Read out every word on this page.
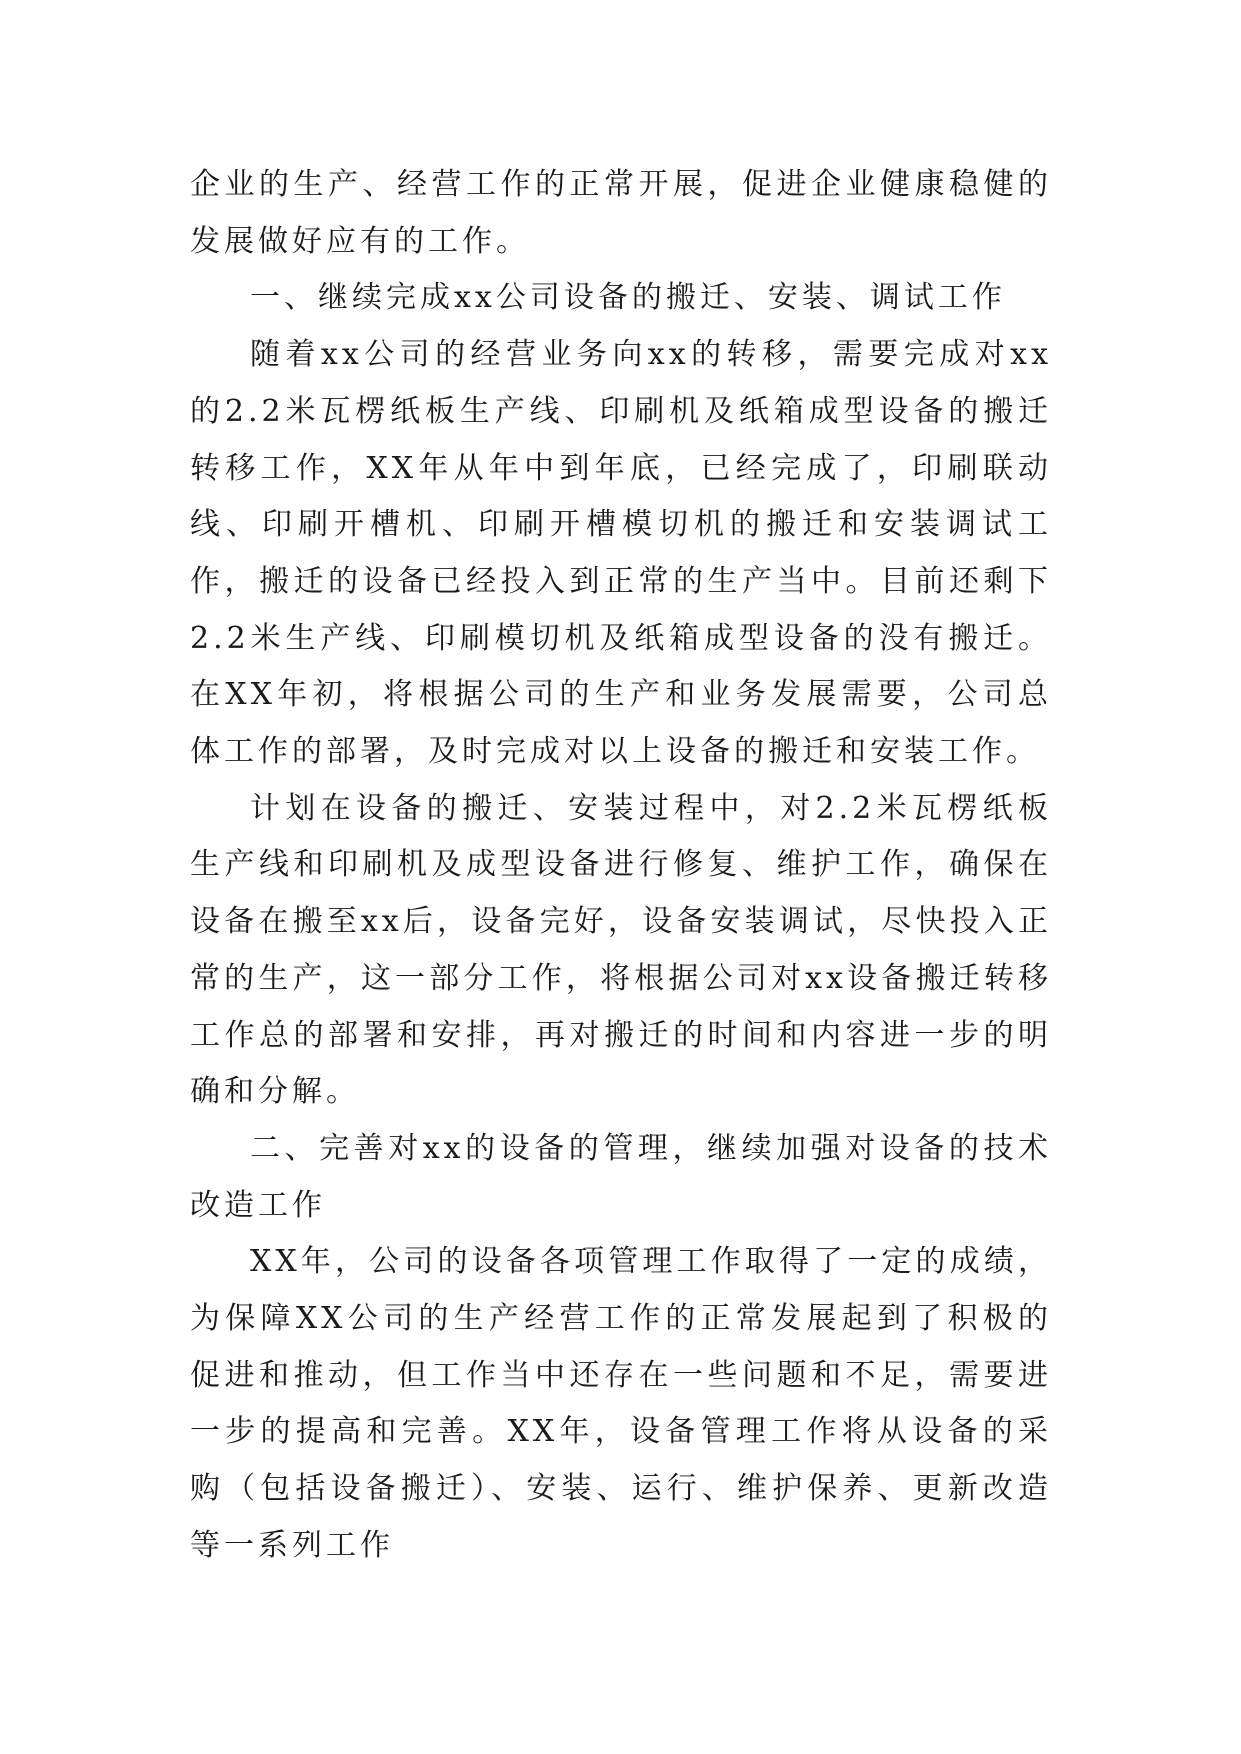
企业的生产、经营工作的正常开展，促进企业健康稳健的发展做好应有的工作。

一、继续完成xx公司设备的搬迁、安装、调试工作

随着xx公司的经营业务向xx的转移，需要完成对xx的2.2米瓦楞纸板生产线、印刷机及纸箱成型设备的搬迁转移工作，XX年从年中到年底，已经完成了，印刷联动线、印刷开槽机、印刷开槽模切机的搬迁和安装调试工作，搬迁的设备已经投入到正常的生产当中。目前还剩下2.2米生产线、印刷模切机及纸箱成型设备的没有搬迁。在XX年初，将根据公司的生产和业务发展需要，公司总体工作的部署，及时完成对以上设备的搬迁和安装工作。

计划在设备的搬迁、安装过程中，对2.2米瓦楞纸板生产线和印刷机及成型设备进行修复、维护工作，确保在设备在搬至xx后，设备完好，设备安装调试，尽快投入正常的生产，这一部分工作，将根据公司对xx设备搬迁转移工作总的部署和安排，再对搬迁的时间和内容进一步的明确和分解。

二、完善对xx的设备的管理，继续加强对设备的技术改造工作

XX年，公司的设备各项管理工作取得了一定的成绩，为保障XX公司的生产经营工作的正常发展起到了积极的促进和推动，但工作当中还存在一些问题和不足，需要进一步的提高和完善。XX年，设备管理工作将从设备的采购（包括设备搬迁）、安装、运行、维护保养、更新改造等一系列工作
